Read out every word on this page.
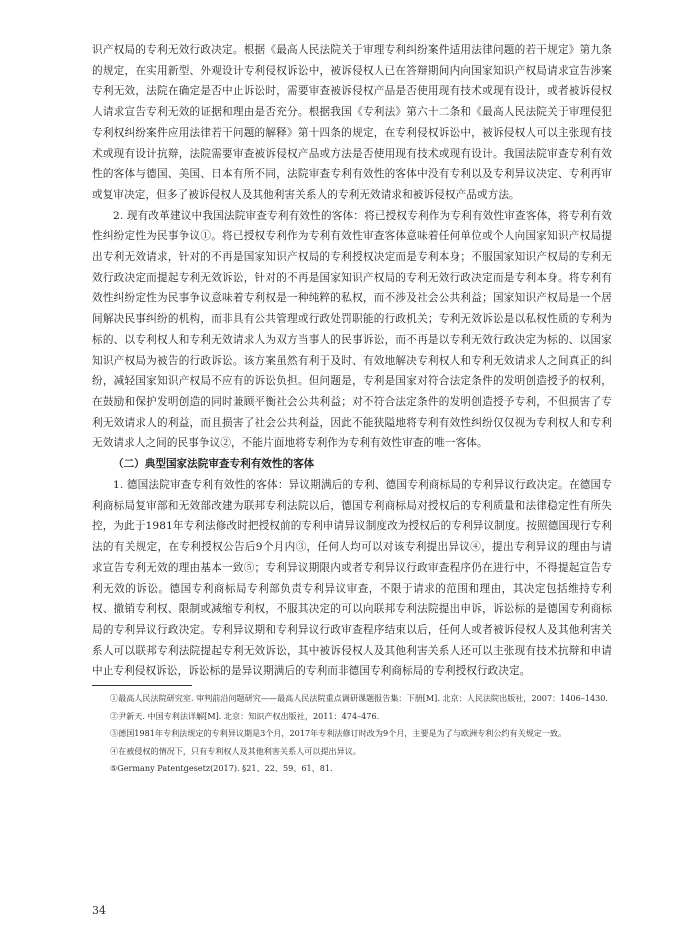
识产权局的专利无效行政决定。根据《最高人民法院关于审理专利纠纷案件适用法律问题的若干规定》第九条的规定，在实用新型、外观设计专利侵权诉讼中，被诉侵权人已在答辩期间内向国家知识产权局请求宣告涉案专利无效，法院在确定是否中止诉讼时，需要审查被诉侵权产品是否使用现有技术或现有设计，或者被诉侵权人请求宣告专利无效的证据和理由是否充分。根据我国《专利法》第六十二条和《最高人民法院关于审理侵犯专利权纠纷案件应用法律若干问题的解释》第十四条的规定，在专利侵权诉讼中，被诉侵权人可以主张现有技术或现有设计抗辩，法院需要审查被诉侵权产品或方法是否使用现有技术或现有设计。我国法院审查专利有效性的客体与德国、美国、日本有所不同，法院审查专利有效性的客体中没有专利以及专利异议决定、专利再审或复审决定，但多了被诉侵权人及其他利害关系人的专利无效请求和被诉侵权产品或方法。

2. 现有改革建议中我国法院审查专利有效性的客体：将已授权专利作为专利有效性审查客体，将专利有效性纠纷定性为民事争议①。将已授权专利作为专利有效性审查客体意味着任何单位或个人向国家知识产权局提出专利无效请求，针对的不再是国家知识产权局的专利授权决定而是专利本身；不服国家知识产权局的专利无效行政决定而提起专利无效诉讼，针对的不再是国家知识产权局的专利无效行政决定而是专利本身。将专利有效性纠纷定性为民事争议意味着专利权是一种纯粹的私权，而不涉及社会公共利益；国家知识产权局是一个居间解决民事纠纷的机构，而非具有公共管理或行政处罚职能的行政机关；专利无效诉讼是以私权性质的专利为标的、以专利权人和专利无效请求人为双方当事人的民事诉讼，而不再是以专利无效行政决定为标的、以国家知识产权局为被告的行政诉讼。该方案虽然有利于及时、有效地解决专利权人和专利无效请求人之间真正的纠纷，减轻国家知识产权局不应有的诉讼负担。但问题是，专利是国家对符合法定条件的发明创造授予的权利，在鼓励和保护发明创造的同时兼顾平衡社会公共利益；对不符合法定条件的发明创造授予专利，不但损害了专利无效请求人的利益，而且损害了社会公共利益，因此不能狭隘地将专利有效性纠纷仅仅视为专利权人和专利无效请求人之间的民事争议②，不能片面地将专利作为专利有效性审查的唯一客体。

（二）典型国家法院审查专利有效性的客体

1. 德国法院审查专利有效性的客体：异议期满后的专利、德国专利商标局的专利异议行政决定。在德国专利商标局复审部和无效部改建为联邦专利法院以后，德国专利商标局对授权后的专利质量和法律稳定性有所失控，为此于1981年专利法修改时把授权前的专利申请异议制度改为授权后的专利异议制度。按照德国现行专利法的有关规定，在专利授权公告后9个月内③，任何人均可以对该专利提出异议④，提出专利异议的理由与请求宣告专利无效的理由基本一致⑤；专利异议期限内或者专利异议行政审查程序仍在进行中，不得提起宣告专利无效的诉讼。德国专利商标局专利部负责专利异议审查，不限于请求的范围和理由，其决定包括维持专利权、撤销专利权、限制或减缩专利权，不服其决定的可以向联邦专利法院提出申诉，诉讼标的是德国专利商标局的专利异议行政决定。专利异议期和专利异议行政审查程序结束以后，任何人或者被诉侵权人及其他利害关系人可以联邦专利法院提起专利无效诉讼，其中被诉侵权人及其他利害关系人还可以主张现有技术抗辩和申请中止专利侵权诉讼，诉讼标的是异议期满后的专利而非德国专利商标局的专利授权行政决定。

①最高人民法院研究室. 审判前沿问题研究——最高人民法院重点调研课题报告集：下册[M]. 北京：人民法院出版社，2007：1406–1430.

②尹新天. 中国专利法详解[M]. 北京：知识产权出版社，2011：474–476.

③德国1981年专利法规定的专利异议期是3个月，2017年专利法修订时改为9个月，主要是为了与欧洲专利公约有关规定一致。

④在被侵权的情况下，只有专利权人及其他利害关系人可以提出异议。

⑤Germany Patentgesetz(2017). §21、22、59、61、81.

34
